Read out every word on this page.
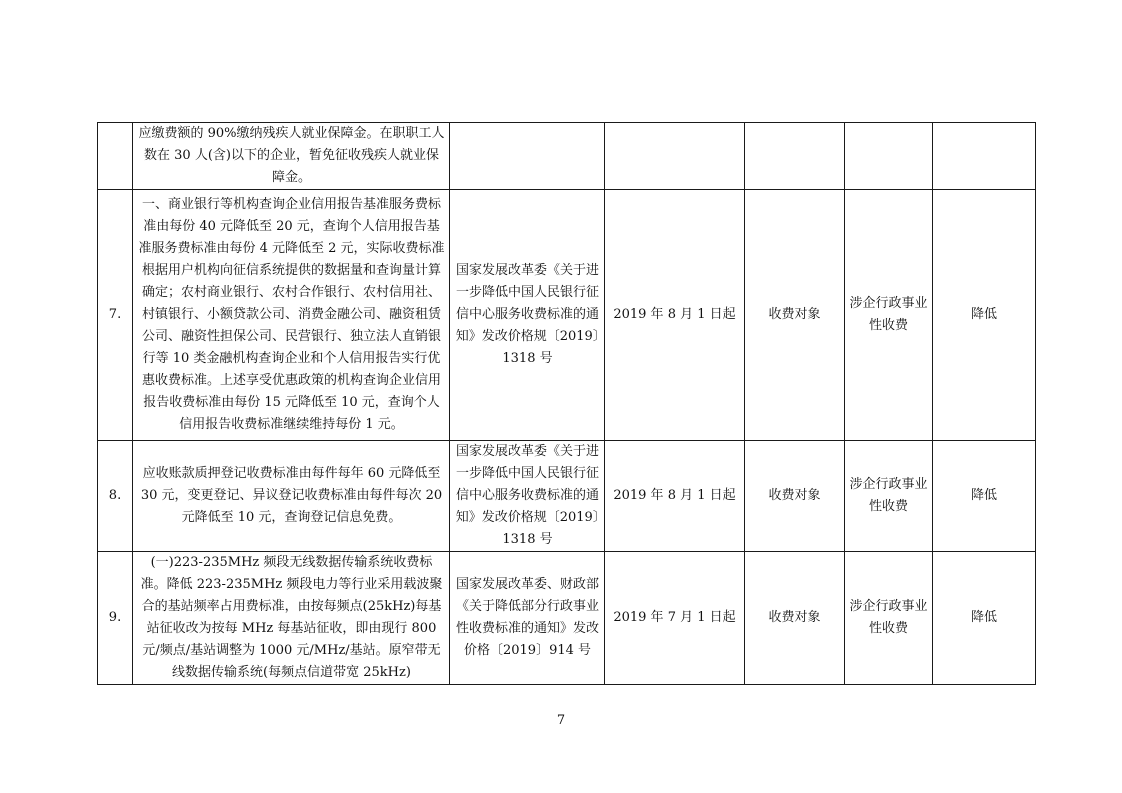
	应缴费额的 90%缴纳残疾人就业保障金。在职职工人数在 30 人(含)以下的企业，暂免征收残疾人就业保障金。					
7.	一、商业银行等机构查询企业信用报告基准服务费标准由每份 40 元降低至 20 元，查询个人信用报告基准服务费标准由每份 4 元降低至 2 元，实际收费标准根据用户机构向征信系统提供的数据量和查询量计算确定；农村商业银行、农村合作银行、农村信用社、村镇银行、小额贷款公司、消费金融公司、融资租赁公司、融资性担保公司、民营银行、独立法人直销银行等 10 类金融机构查询企业和个人信用报告实行优惠收费标准。上述享受优惠政策的机构查询企业信用报告收费标准由每份 15 元降低至 10 元，查询个人信用报告收费标准继续维持每份 1 元。	国家发展改革委《关于进一步降低中国人民银行征信中心服务收费标准的通知》发改价格规〔2019〕1318 号	2019 年 8 月 1 日起	收费对象	涉企行政事业性收费	降低
8.	应收账款质押登记收费标准由每件每年 60 元降低至 30 元，变更登记、异议登记收费标准由每件每次 20 元降低至 10 元，查询登记信息免费。	国家发展改革委《关于进一步降低中国人民银行征信中心服务收费标准的通知》发改价格规〔2019〕1318 号	2019 年 8 月 1 日起	收费对象	涉企行政事业性收费	降低
9.	(一)223-235MHz 频段无线数据传输系统收费标准。降低 223-235MHz 频段电力等行业采用载波聚合的基站频率占用费标准，由按每频点(25kHz)每基站征收改为按每 MHz 每基站征收，即由现行 800 元/频点/基站调整为 1000 元/MHz/基站。原窄带无线数据传输系统(每频点信道带宽 25kHz)	国家发展改革委、财政部《关于降低部分行政事业性收费标准的通知》发改价格〔2019〕914 号	2019 年 7 月 1 日起	收费对象	涉企行政事业性收费	降低
7
